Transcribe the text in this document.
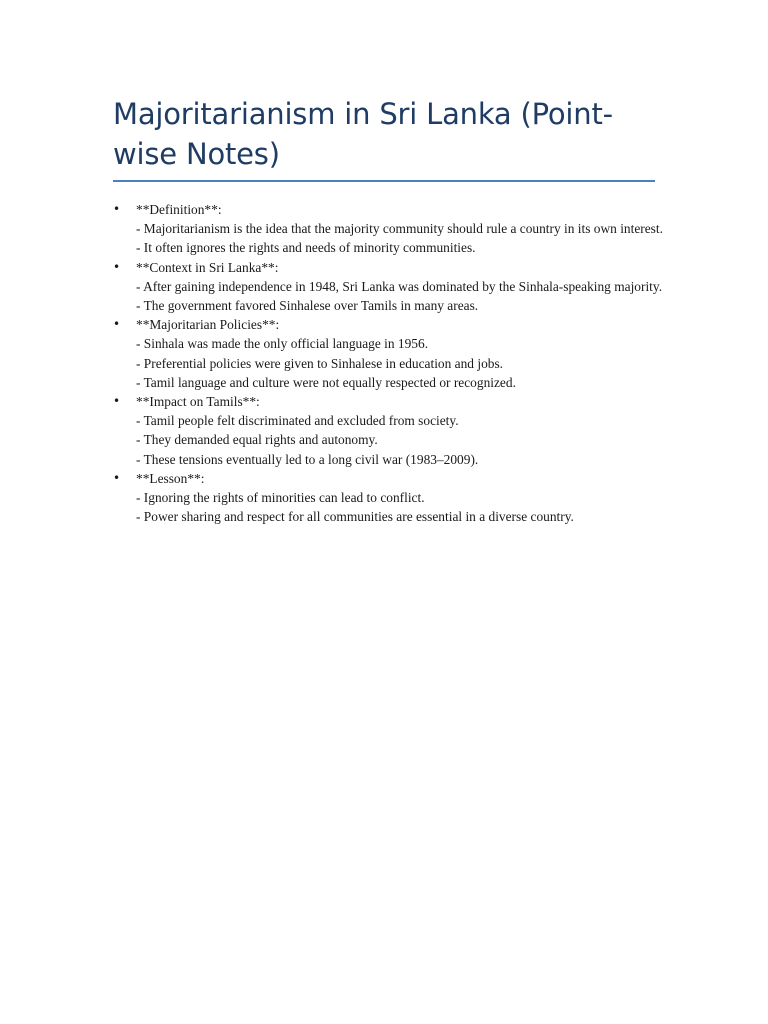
Majoritarianism in Sri Lanka (Point-wise Notes)
• **Definition**:
- Majoritarianism is the idea that the majority community should rule a country in its own interest.
- It often ignores the rights and needs of minority communities.
• **Context in Sri Lanka**:
- After gaining independence in 1948, Sri Lanka was dominated by the Sinhala-speaking majority.
- The government favored Sinhalese over Tamils in many areas.
• **Majoritarian Policies**:
- Sinhala was made the only official language in 1956.
- Preferential policies were given to Sinhalese in education and jobs.
- Tamil language and culture were not equally respected or recognized.
• **Impact on Tamils**:
- Tamil people felt discriminated and excluded from society.
- They demanded equal rights and autonomy.
- These tensions eventually led to a long civil war (1983–2009).
• **Lesson**:
- Ignoring the rights of minorities can lead to conflict.
- Power sharing and respect for all communities are essential in a diverse country.
